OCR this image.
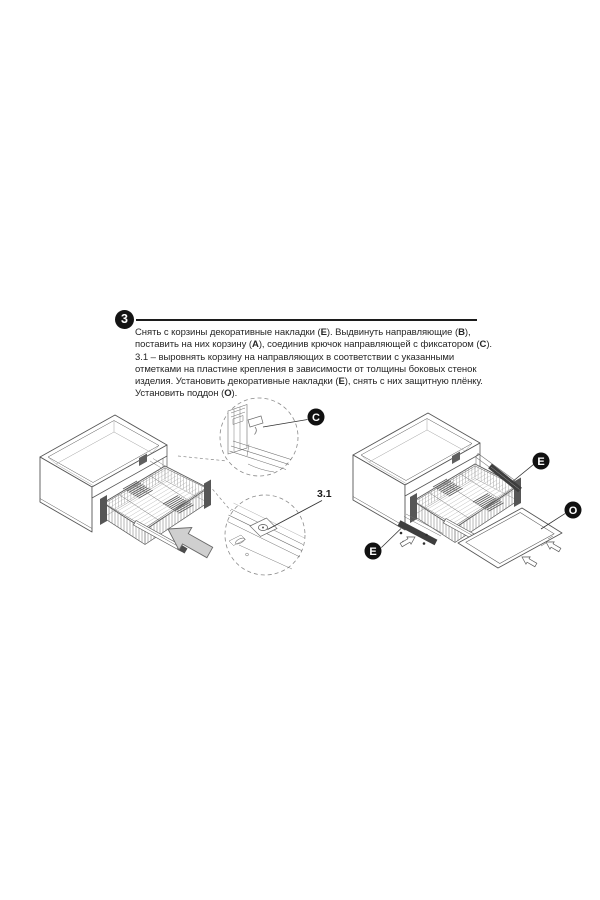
3
Снять с корзины декоративные накладки (Е). Выдвинуть направляющие (В),
поставить на них корзину (А), соединив крючок направляющей с фиксатором (С).
3.1 – выровнять корзину на направляющих в соответствии с указанными
отметками на пластине крепления в зависимости от толщины боковых стенок
изделия. Установить декоративные накладки (Е), снять с них защитную плёнку.
Установить поддон (О).
C
3.1
E
O
E
